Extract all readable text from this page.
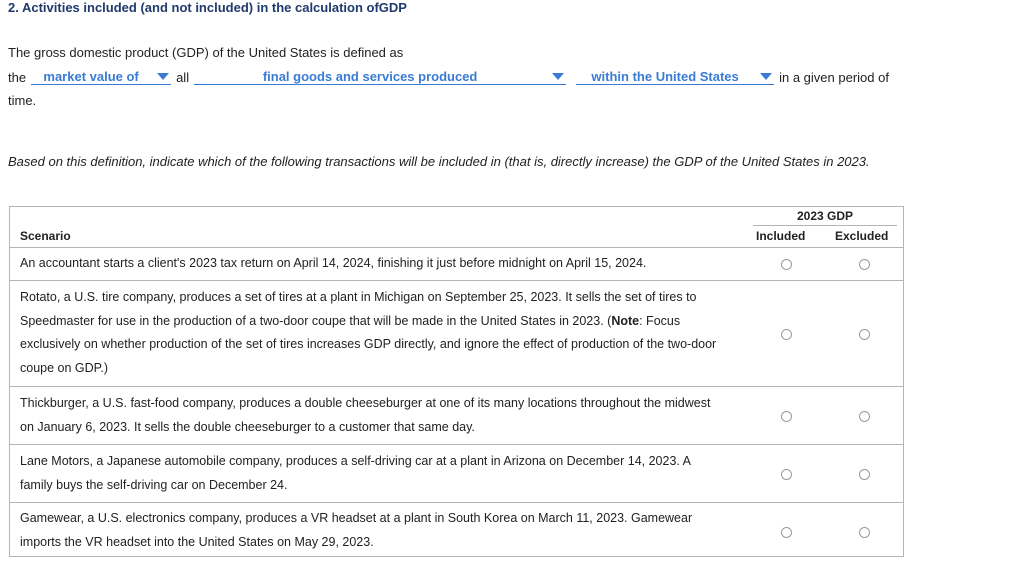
2. Activities included (and not included) in the calculation ofGDP
The gross domestic product (GDP) of the United States is defined as
the	market value of	all	final goods and services produced	within the United States	in a given period of
time.
Based on this definition, indicate which of the following transactions will be included in (that is, directly increase) the GDP of the United States in 2023.
Scenario
2023 GDP
Included Excluded
An accountant starts a client's 2023 tax return on April 14, 2024, finishing it just before midnight on April 15, 2024.
Rotato, a U.S. tire company, produces a set of tires at a plant in Michigan on September 25, 2023. It sells the set of tires to Speedmaster for use in the production of a two-door coupe that will be made in the United States in 2023. (Note: Focus exclusively on whether production of the set of tires increases GDP directly, and ignore the effect of production of the two-door coupe on GDP.)
Thickburger, a U.S. fast-food company, produces a double cheeseburger at one of its many locations throughout the midwest on January 6, 2023. It sells the double cheeseburger to a customer that same day.
Lane Motors, a Japanese automobile company, produces a self-driving car at a plant in Arizona on December 14, 2023. A family buys the self-driving car on December 24.
Gamewear, a U.S. electronics company, produces a VR headset at a plant in South Korea on March 11, 2023. Gamewear imports the VR headset into the United States on May 29, 2023.
